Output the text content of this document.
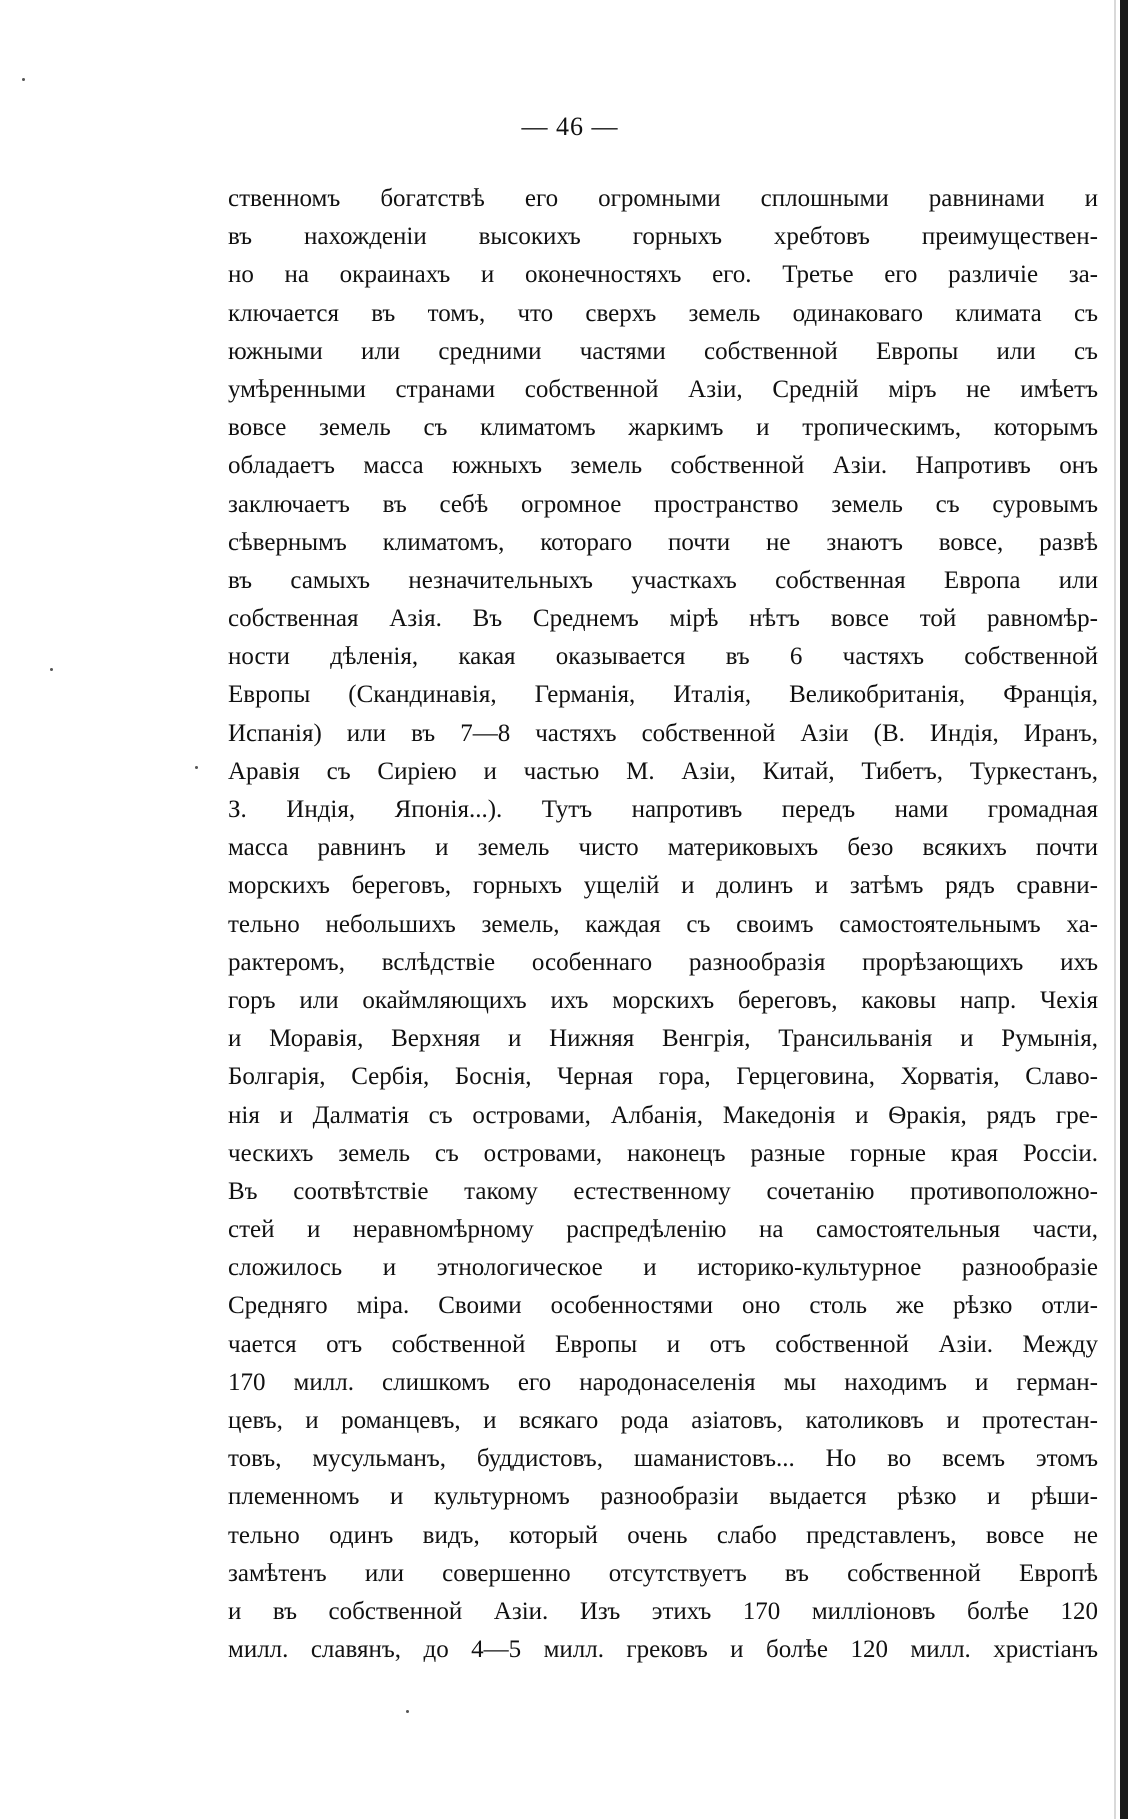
— 46 —
ственномъ богатствѣ его огромными сплошными равнинами и
въ нахожденіи высокихъ горныхъ хребтовъ преимуществен-
но на окраинахъ и оконечностяхъ его. Третье его различіе за-
ключается въ томъ, что сверхъ земель одинаковаго климата съ
южными или средними частями собственной Европы или съ
умѣренными странами собственной Азіи, Средній міръ не имѣетъ
вовсе земель съ климатомъ жаркимъ и тропическимъ, которымъ
обладаетъ масса южныхъ земель собственной Азіи. Напротивъ онъ
заключаетъ въ себѣ огромное пространство земель съ суровымъ
сѣвернымъ климатомъ, котораго почти не знаютъ вовсе, развѣ
въ самыхъ незначительныхъ участкахъ собственная Европа или
собственная Азія. Въ Среднемъ мірѣ нѣтъ вовсе той равномѣр-
ности дѣленія, какая оказывается въ 6 частяхъ собственной
Европы (Скандинавія, Германія, Италія, Великобританія, Франція,
Испанія) или въ 7—8 частяхъ собственной Азіи (В. Индія, Иранъ,
Аравія съ Сиріею и частью М. Азіи, Китай, Тибетъ, Туркестанъ,
З. Индія, Японія...). Тутъ напротивъ передъ нами громадная
масса равнинъ и земель чисто материковыхъ безо всякихъ почти
морскихъ береговъ, горныхъ ущелій и долинъ и затѣмъ рядъ сравни-
тельно небольшихъ земель, каждая съ своимъ самостоятельнымъ ха-
рактеромъ, вслѣдствіе особеннаго разнообразія прорѣзающихъ ихъ
горъ или окаймляющихъ ихъ морскихъ береговъ, каковы напр. Чехія
и Моравія, Верхняя и Нижняя Венгрія, Трансильванія и Румынія,
Болгарія, Сербія, Боснія, Черная гора, Герцеговина, Хорватія, Славо-
нія и Далматія съ островами, Албанія, Македонія и Ѳракія, рядъ гре-
ческихъ земель съ островами, наконецъ разные горные края Россіи.
Въ соотвѣтствіе такому естественному сочетанію противоположно-
стей и неравномѣрному распредѣленію на самостоятельныя части,
сложилось и этнологическое и историко-культурное разнообразіе
Средняго міра. Своими особенностями оно столь же рѣзко отли-
чается отъ собственной Европы и отъ собственной Азіи. Между
170 милл. слишкомъ его народонаселенія мы находимъ и герман-
цевъ, и романцевъ, и всякаго рода азіатовъ, католиковъ и протестан-
товъ, мусульманъ, буддистовъ, шаманистовъ... Но во всемъ этомъ
племенномъ и культурномъ разнообразіи выдается рѣзко и рѣши-
тельно одинъ видъ, который очень слабо представленъ, вовсе не
замѣтенъ или совершенно отсутствуетъ въ собственной Европѣ
и въ собственной Азіи. Изъ этихъ 170 милліоновъ болѣе 120
милл. славянъ, до 4—5 милл. грековъ и болѣе 120 милл. христіанъ
